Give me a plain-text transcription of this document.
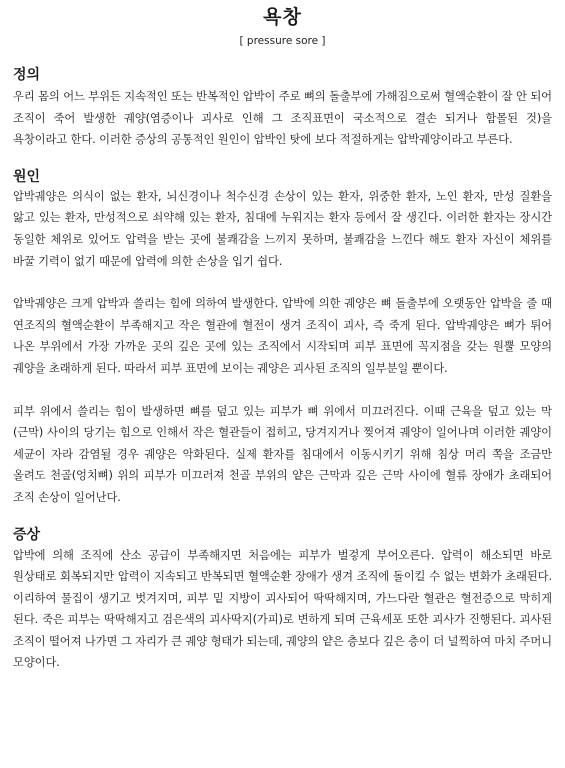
욕창
[ pressure sore ]
정의

우리 몸의 어느 부위든 지속적인 또는 반복적인 압박이 주로 뼈의 돌출부에 가해짐으로써 혈액순환이 잘 안 되어 조직이 죽어 발생한 궤양(염증이나 괴사로 인해 그 조직표면이 국소적으로 결손 되거나 함몰된 것)을 욕창이라고 한다. 이러한 증상의 공통적인 원인이 압박인 탓에 보다 적절하게는 압박궤양이라고 부른다.

원인

압박궤양은 의식이 없는 환자, 뇌신경이나 척수신경 손상이 있는 환자, 위중한 환자, 노인 환자, 만성 질환을 앓고 있는 환자, 만성적으로 쇠약해 있는 환자, 침대에 누워지는 환자 등에서 잘 생긴다. 이러한 환자는 장시간 동일한 체위로 있어도 압력을 받는 곳에 불쾌감을 느끼지 못하며, 불쾌감을 느낀다 해도 환자 자신이 체위를 바꿀 기력이 없기 때문에 압력에 의한 손상을 입기 쉽다.

압박궤양은 크게 압박과 쓸리는 힘에 의하여 발생한다. 압박에 의한 궤양은 뼈 돌출부에 오랫동안 압박을 줄 때 연조직의 혈액순환이 부족해지고 작은 혈관에 혈전이 생겨 조직이 괴사, 즉 죽게 된다. 압박궤양은 뼈가 튀어 나온 부위에서 가장 가까운 곳의 깊은 곳에 있는 조직에서 시작되며 피부 표면에 꼭지점을 갖는 원뿔 모양의 궤양을 초래하게 된다. 따라서 피부 표면에 보이는 궤양은 괴사된 조직의 일부분일 뿐이다.

피부 위에서 쓸리는 힘이 발생하면 뼈를 덮고 있는 피부가 뼈 위에서 미끄러진다. 이때 근육을 덮고 있는 막(근막) 사이의 당기는 힘으로 인해서 작은 혈관들이 접히고, 당겨지거나 찢어져 궤양이 일어나며 이러한 궤양이 세균이 자라 감염될 경우 궤양은 악화된다. 실제 환자를 침대에서 이동시키기 위해 침상 머리 쪽을 조금만 올려도 천골(엉치뼈) 위의 피부가 미끄러져 천골 부위의 얕은 근막과 깊은 근막 사이에 혈류 장애가 초래되어 조직 손상이 일어난다.

증상

압박에 의해 조직에 산소 공급이 부족해지면 처음에는 피부가 벌겋게 부어오른다. 압력이 해소되면 바로 원상태로 회복되지만 압력이 지속되고 반복되면 혈액순환 장애가 생겨 조직에 돌이킬 수 없는 변화가 초래된다. 이리하여 물집이 생기고 벗겨지며, 피부 밑 지방이 괴사되어 딱딱해지며, 가느다란 혈관은 혈전증으로 막히게 된다. 죽은 피부는 딱딱해지고 검은색의 괴사딱지(가피)로 변하게 되며 근육세포 또한 괴사가 진행된다. 괴사된 조직이 떨어져 나가면 그 자리가 큰 궤양 형태가 되는데, 궤양의 얕은 층보다 깊은 층이 더 널찍하여 마치 주머니 모양이다.
